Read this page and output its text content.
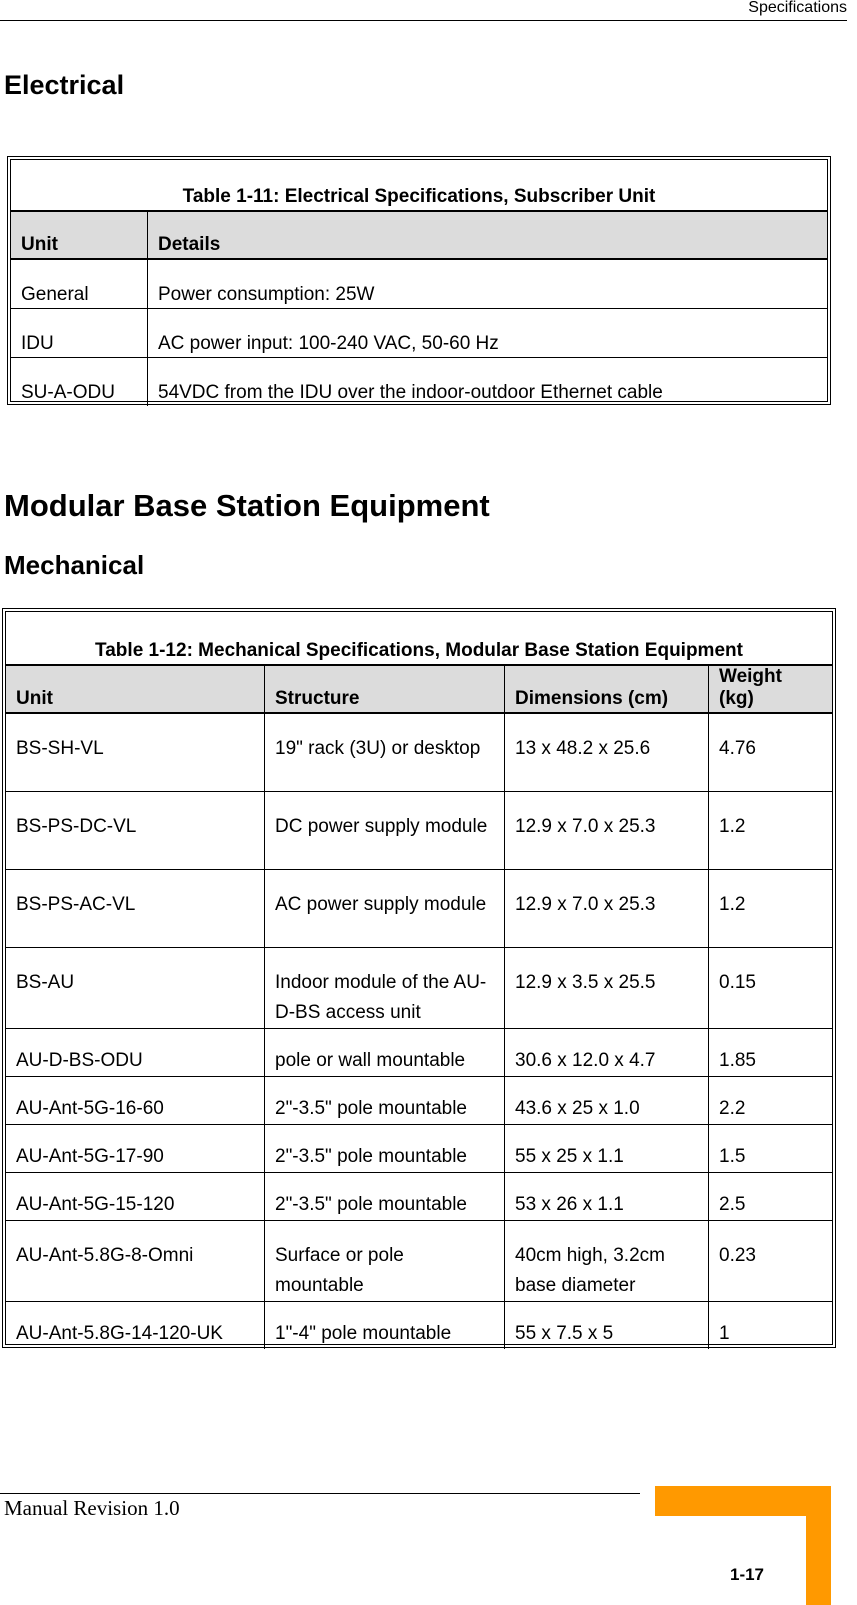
Specifications
Electrical
Table 1-11: Electrical Specifications, Subscriber Unit	
Unit	Details
General	Power consumption: 25W
IDU	AC power input: 100-240 VAC, 50-60 Hz
SU-A-ODU	54VDC from the IDU over the indoor-outdoor Ethernet cable
Modular Base Station Equipment
Mechanical
Table 1-12: Mechanical Specifications, Modular Base Station Equipment			
Unit	Structure	Dimensions (cm)	Weight (kg)
BS-SH-VL	19" rack (3U) or desktop	13 x 48.2 x 25.6	4.76
BS-PS-DC-VL	DC power supply module	12.9 x 7.0 x 25.3	1.2
BS-PS-AC-VL	AC power supply module	12.9 x 7.0 x 25.3	1.2
BS-AU	Indoor module of the AU-D-BS access unit	12.9 x 3.5 x 25.5	0.15
AU-D-BS-ODU	pole or wall mountable	30.6 x 12.0 x 4.7	1.85
AU-Ant-5G-16-60	2"-3.5" pole mountable	43.6 x 25 x 1.0	2.2
AU-Ant-5G-17-90	2"-3.5" pole mountable	55 x 25 x 1.1	1.5
AU-Ant-5G-15-120	2"-3.5" pole mountable	53 x 26 x 1.1	2.5
AU-Ant-5.8G-8-Omni	Surface or pole mountable	40cm high, 3.2cm base diameter	0.23
AU-Ant-5.8G-14-120-UK	1"-4" pole mountable	55 x 7.5 x 5	1
Manual Revision 1.0
1-17
